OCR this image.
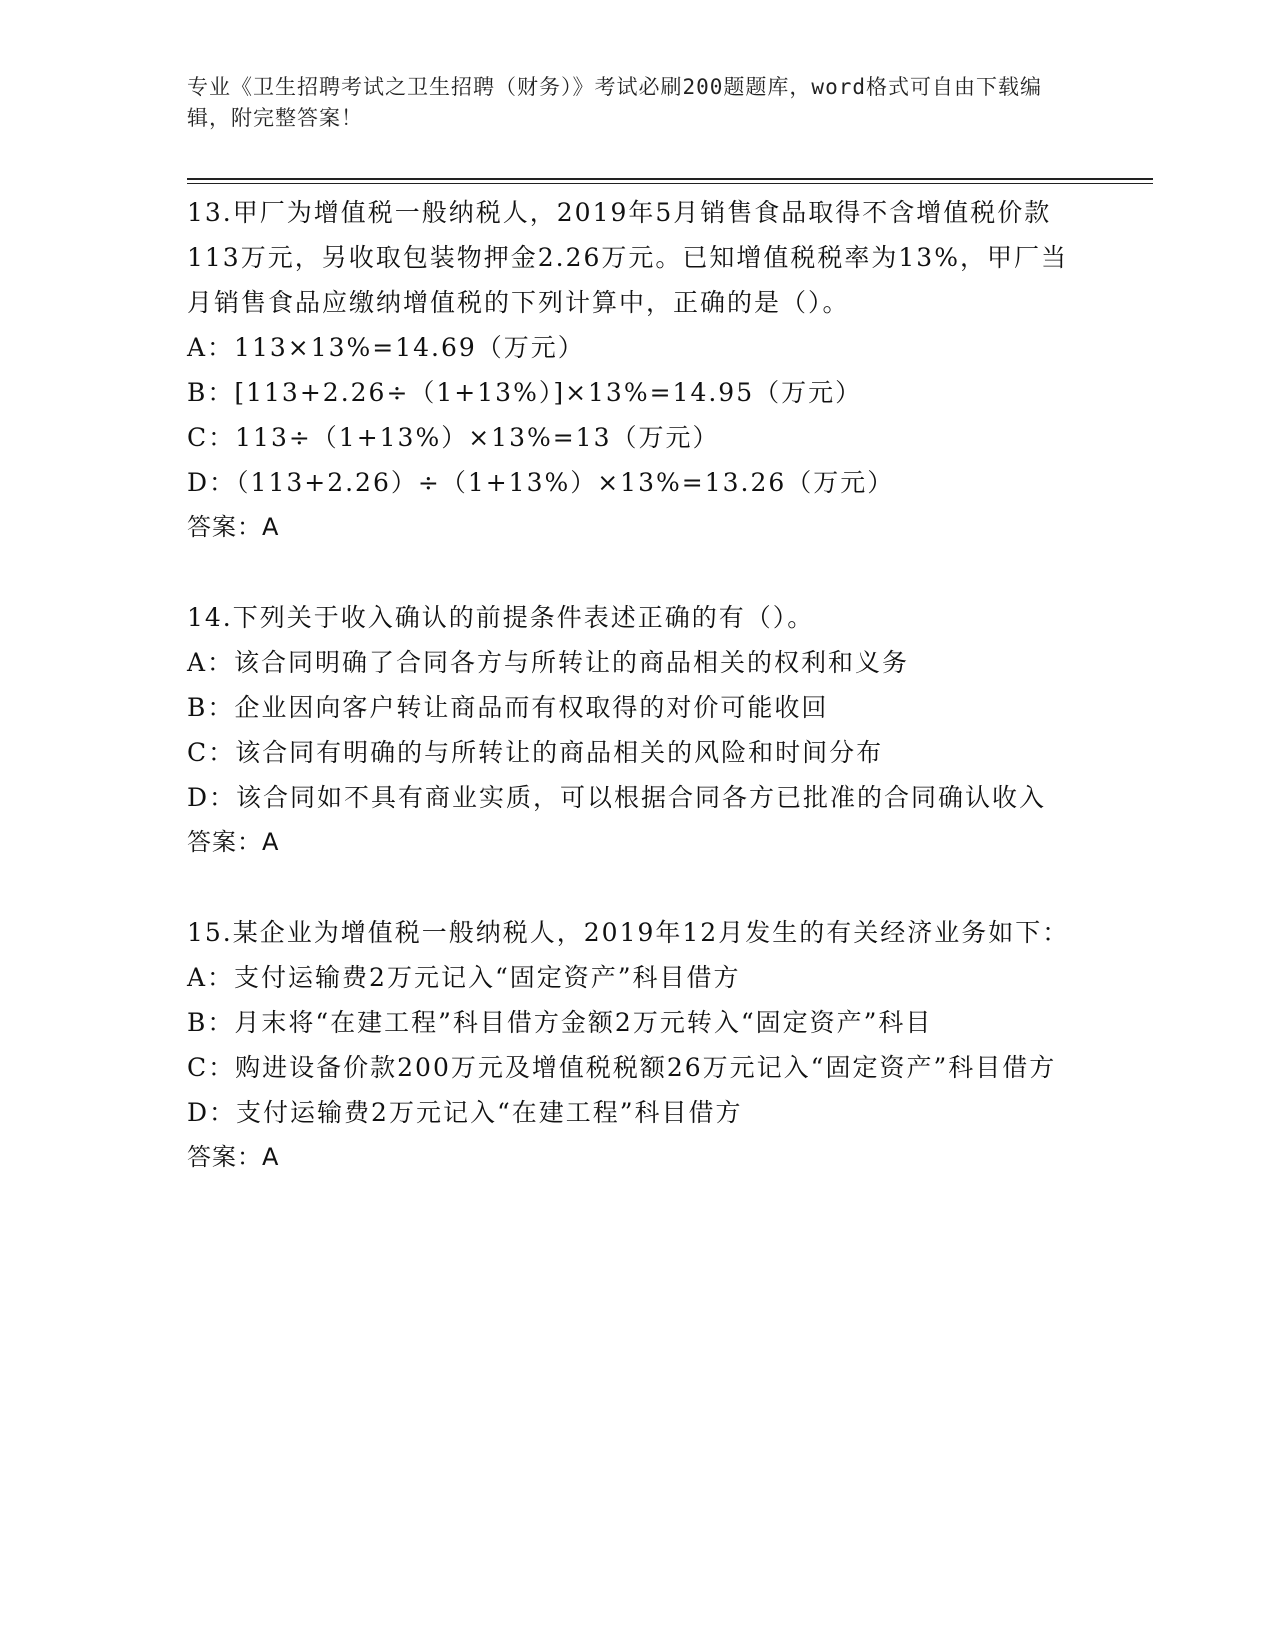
专业《卫生招聘考试之卫生招聘（财务）》考试必刷200题题库，word格式可自由下载编辑，附完整答案！
13.甲厂为增值税一般纳税人，2019年5月销售食品取得不含增值税价款113万元，另收取包装物押金2.26万元。已知增值税税率为13%，甲厂当月销售食品应缴纳增值税的下列计算中，正确的是（）。
A：113×13%=14.69（万元）
B：[113+2.26÷（1+13%）]×13%=14.95（万元）
C：113÷（1+13%）×13%=13（万元）
D：（113+2.26）÷（1+13%）×13%=13.26（万元）
答案：A
14.下列关于收入确认的前提条件表述正确的有（）。
A：该合同明确了合同各方与所转让的商品相关的权利和义务
B：企业因向客户转让商品而有权取得的对价可能收回
C：该合同有明确的与所转让的商品相关的风险和时间分布
D：该合同如不具有商业实质，可以根据合同各方已批准的合同确认收入
答案：A
15.某企业为增值税一般纳税人，2019年12月发生的有关经济业务如下：
A：支付运输费2万元记入“固定资产”科目借方
B：月末将“在建工程”科目借方金额2万元转入“固定资产”科目
C：购进设备价款200万元及增值税税额26万元记入“固定资产”科目借方
D：支付运输费2万元记入“在建工程”科目借方
答案：A
